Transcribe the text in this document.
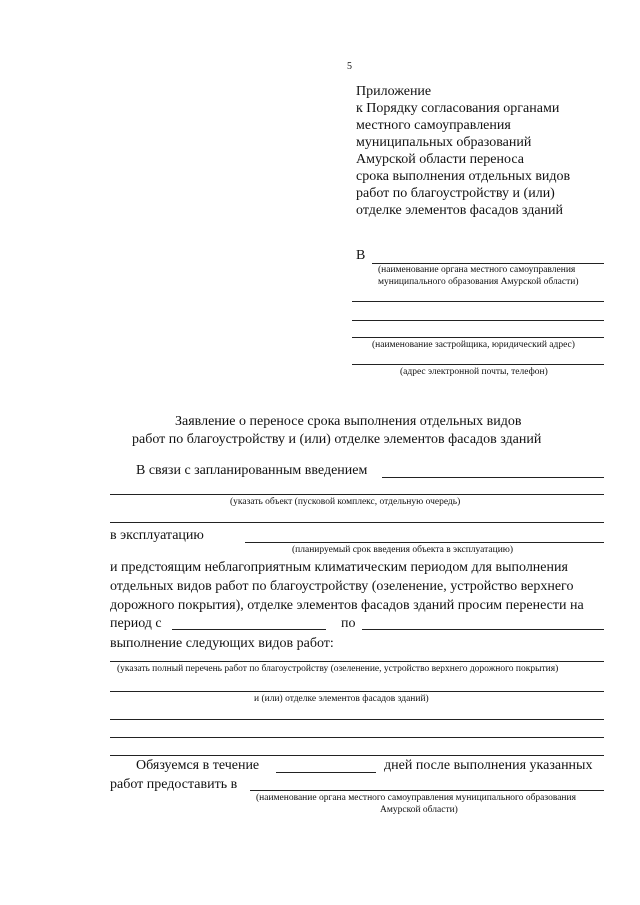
5
Приложение
к Порядку согласования органами
местного самоуправления
муниципальных образований
Амурской области переноса
срока выполнения отдельных видов
работ по благоустройству и (или)
отделке элементов фасадов зданий
В
(наименование органа местного самоуправления
муниципального образования Амурской области)
(наименование застройщика, юридический адрес)
(адрес электронной почты, телефон)
Заявление о переносе срока выполнения отдельных видов
работ по благоустройству и (или) отделке элементов фасадов зданий
В связи с запланированным введением
(указать объект (пусковой комплекс, отдельную очередь)
в эксплуатацию
(планируемый срок введения объекта в эксплуатацию)
и предстоящим неблагоприятным климатическим периодом для выполнения
отдельных видов работ по благоустройству (озеленение, устройство верхнего
дорожного покрытия), отделке элементов фасадов зданий просим перенести на
период с	по
выполнение следующих видов работ:
(указать полный перечень работ по благоустройству (озеленение, устройство верхнего дорожного покрытия)
и (или) отделке элементов фасадов зданий)
Обязуемся в течение	дней после выполнения указанных
работ предоставить в
(наименование органа местного самоуправления муниципального образования
Амурской области)
